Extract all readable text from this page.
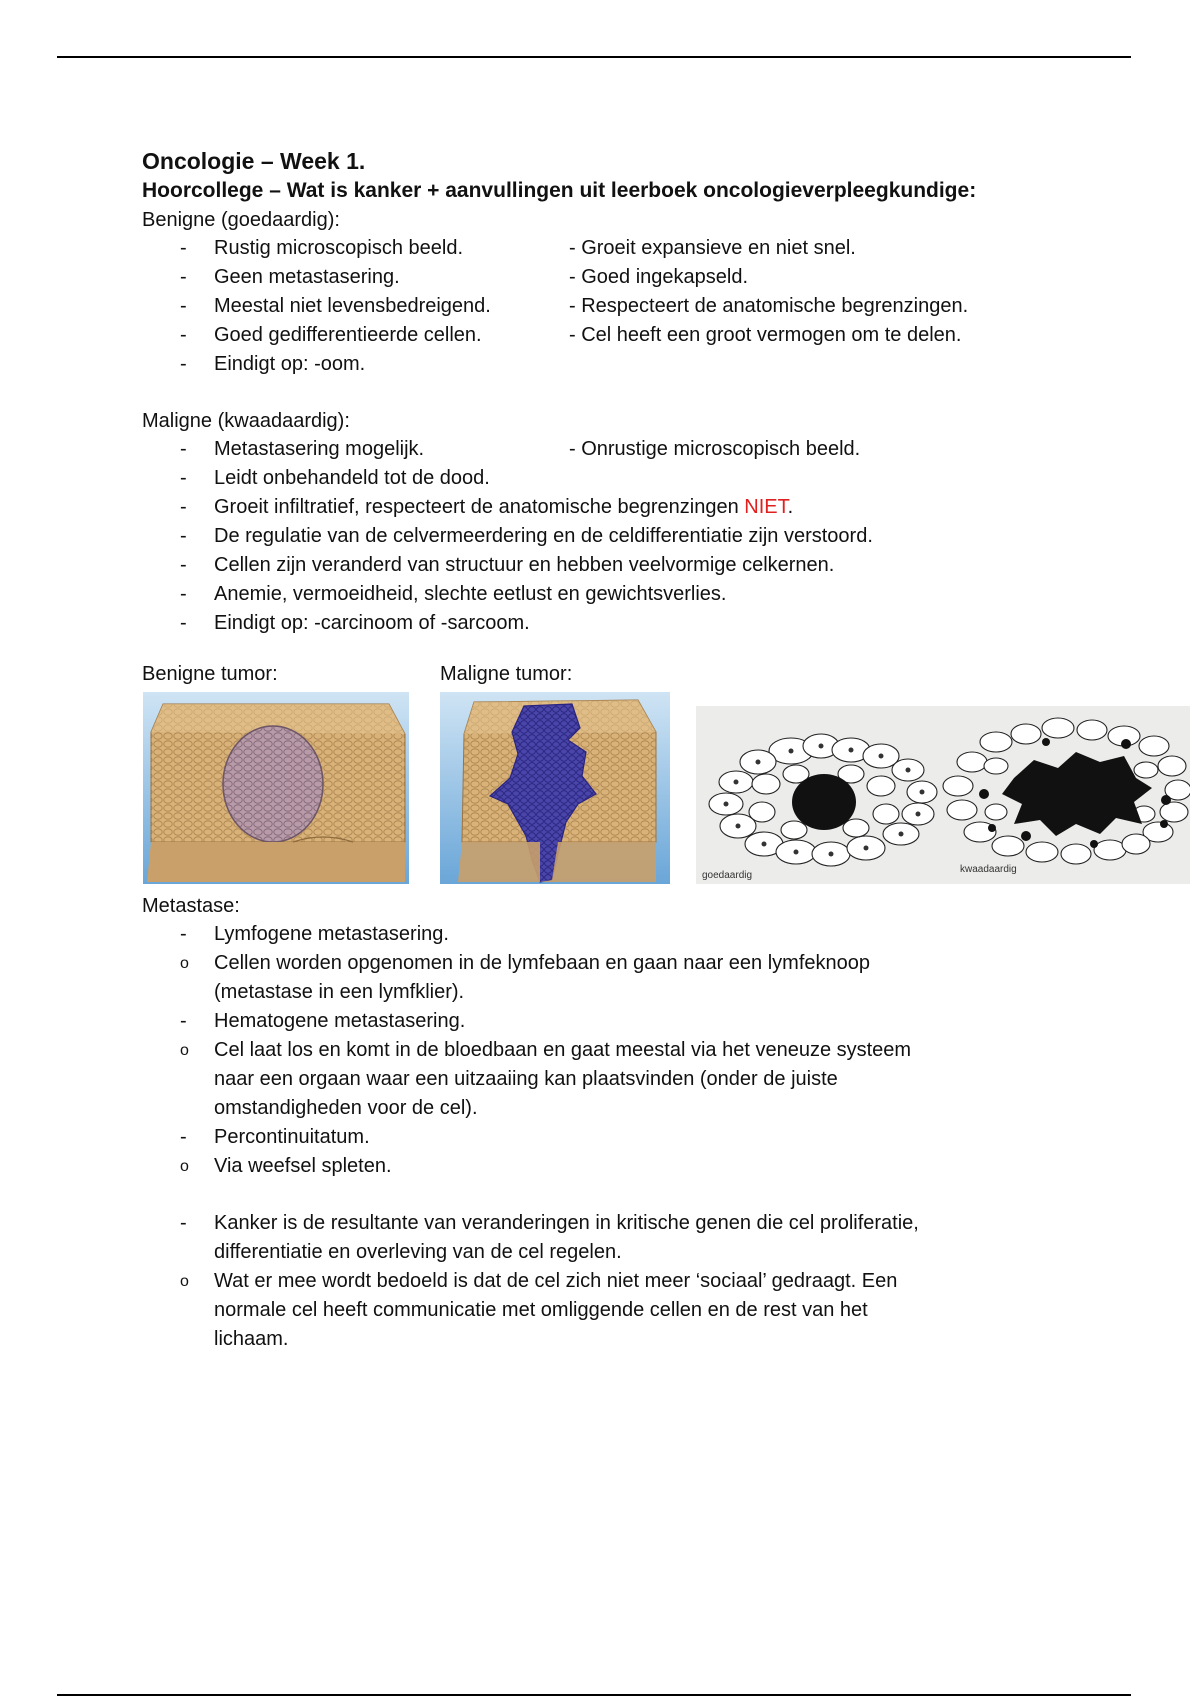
Oncologie – Week 1.
Hoorcollege – Wat is kanker + aanvullingen uit leerboek oncologieverpleegkundige:
Benigne (goedaardig):
- Rustig microscopisch beeld.	- Groeit expansieve en niet snel.
- Geen metastasering.	- Goed ingekapseld.
- Meestal niet levensbedreigend.	- Respecteert de anatomische begrenzingen.
- Goed gedifferentieerde cellen.	- Cel heeft een groot vermogen om te delen.
- Eindigt op: -oom.
Maligne (kwaadaardig):
- Metastasering mogelijk.	- Onrustige microscopisch beeld.
- Leidt onbehandeld tot de dood.
- Groeit infiltratief, respecteert de anatomische begrenzingen NIET.
- De regulatie van de celvermeerdering en de celdifferentiatie zijn verstoord.
- Cellen zijn veranderd van structuur en hebben veelvormige celkernen.
- Anemie, vermoeidheid, slechte eetlust en gewichtsverlies.
- Eindigt op: -carcinoom of -sarcoom.
Benigne tumor:	Maligne tumor:
goedaardig
kwaadaardig
Metastase:
- Lymfogene metastasering.
o Cellen worden opgenomen in de lymfebaan en gaan naar een lymfeknoop
(metastase in een lymfklier).
- Hematogene metastasering.
o Cel laat los en komt in de bloedbaan en gaat meestal via het veneuze systeem
naar een orgaan waar een uitzaaiing kan plaatsvinden (onder de juiste
omstandigheden voor de cel).
- Percontinuitatum.
o Via weefsel spleten.
- Kanker is de resultante van veranderingen in kritische genen die cel proliferatie,
differentiatie en overleving van de cel regelen.
o Wat er mee wordt bedoeld is dat de cel zich niet meer ‘sociaal’ gedraagt. Een
normale cel heeft communicatie met omliggende cellen en de rest van het
lichaam.
